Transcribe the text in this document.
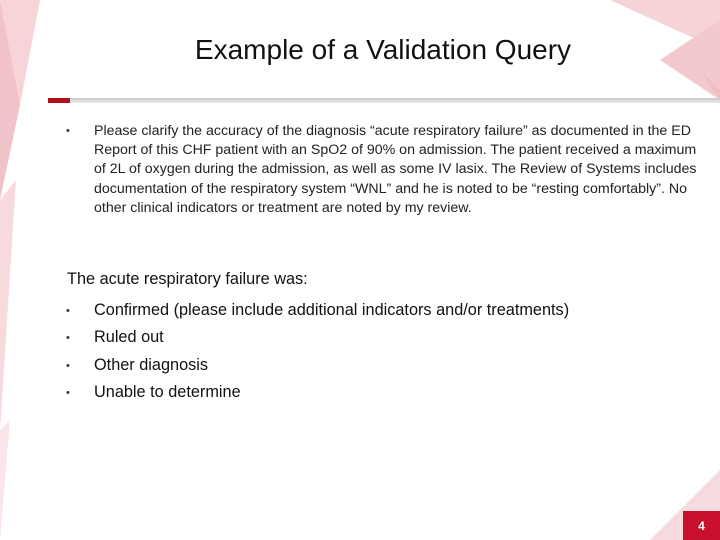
Example of a Validation Query
• Please clarify the accuracy of the diagnosis “acute respiratory failure” as documented in the ED Report of this CHF patient with an SpO2 of 90% on admission. The patient received a maximum of 2L of oxygen during the admission, as well as some IV lasix. The Review of Systems includes documentation of the respiratory system “WNL” and he is noted to be “resting comfortably”. No other clinical indicators or treatment are noted by my review.
The acute respiratory failure was:
• Confirmed (please include additional indicators and/or treatments)
• Ruled out
• Other diagnosis
• Unable to determine
4
